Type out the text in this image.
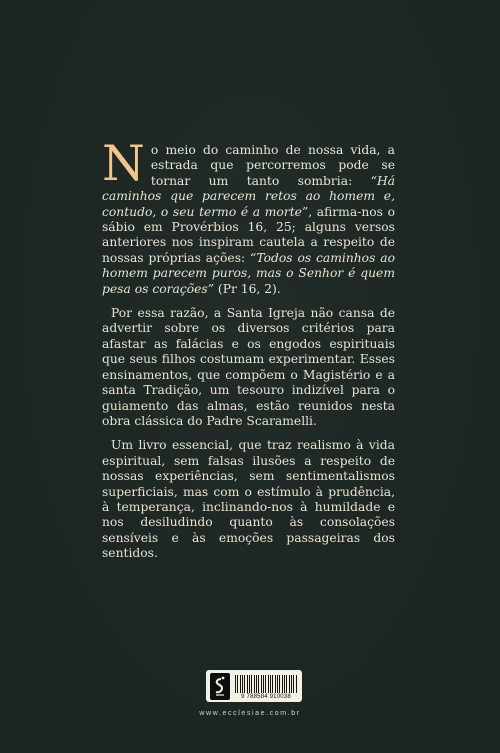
No meio do caminho de nossa vida, a estrada que percorremos pode se tornar um tanto sombria: “Há caminhos que parecem retos ao homem e, contudo, o seu termo é a morte”, afirma-nos o sábio em Provérbios 16, 25; alguns versos anteriores nos inspiram cautela a respeito de nossas próprias ações: “Todos os caminhos ao homem parecem puros, mas o Senhor é quem pesa os corações” (Pr 16, 2).

Por essa razão, a Santa Igreja não cansa de advertir sobre os diversos critérios para afastar as falácias e os engodos espirituais que seus filhos costumam experimentar. Esses ensinamentos, que compõem o Magistério e a santa Tradição, um tesouro indizível para o guiamento das almas, estão reunidos nesta obra clássica do Padre Scaramelli.

Um livro essencial, que traz realismo à vida espiritual, sem falsas ilusões a respeito de nossas experiências, sem sentimentalismos superficiais, mas com o estímulo à prudência, à temperança, inclinando-nos à humildade e nos desiludindo quanto às consolações sensíveis e às emoções passageiras dos sentidos.

9 788584 910038
www.ecclesiae.com.br
